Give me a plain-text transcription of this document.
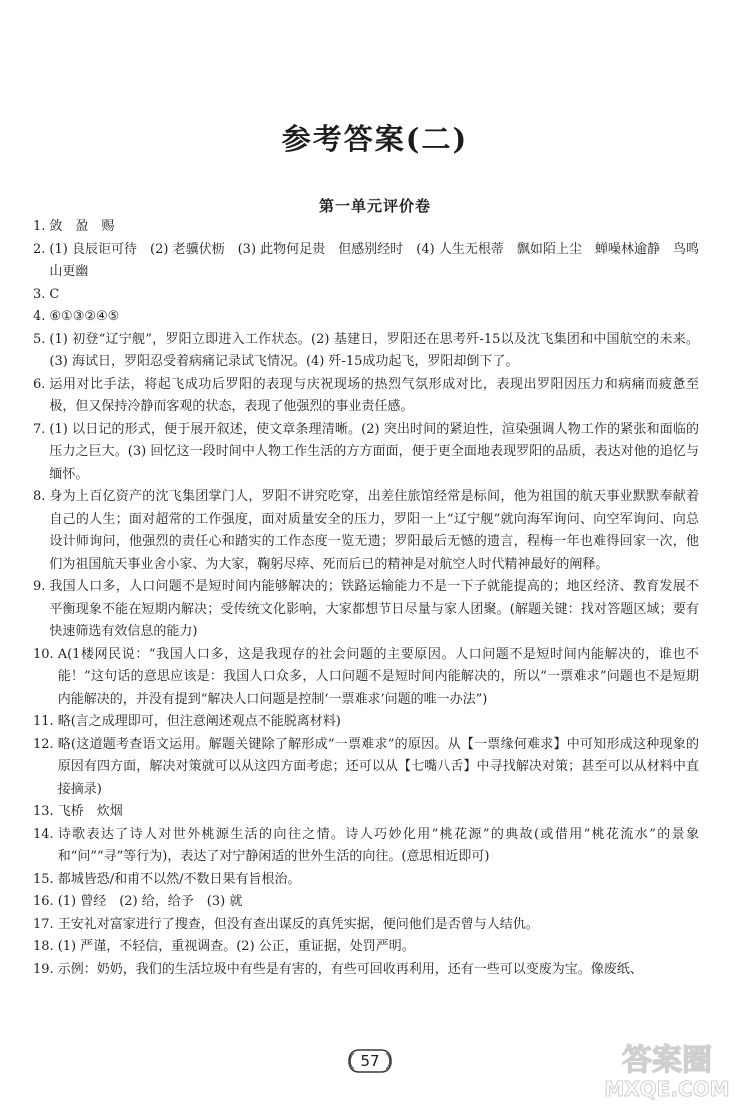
参考答案(二)
第一单元评价卷
1. 敛　盈　赐
2. (1) 良辰讵可待　(2) 老骥伏枥　(3) 此物何足贵　但感别经时　(4) 人生无根蒂　飘如陌上尘　蝉噪林逾静　鸟鸣山更幽
3. C
4. ⑥①③②④⑤
5. (1) 初登“辽宁舰”，罗阳立即进入工作状态。(2) 基建日，罗阳还在思考歼-15以及沈飞集团和中国航空的未来。(3) 海试日，罗阳忍受着病痛记录试飞情况。(4) 歼-15成功起飞，罗阳却倒下了。
6. 运用对比手法，将起飞成功后罗阳的表现与庆祝现场的热烈气氛形成对比，表现出罗阳因压力和病痛而疲惫至极，但又保持冷静而客观的状态，表现了他强烈的事业责任感。
7. (1) 以日记的形式，便于展开叙述，使文章条理清晰。(2) 突出时间的紧迫性，渲染强调人物工作的紧张和面临的压力之巨大。(3) 回忆这一段时间中人物工作生活的方方面面，便于更全面地表现罗阳的品质，表达对他的追忆与缅怀。
8. 身为上百亿资产的沈飞集团掌门人，罗阳不讲究吃穿，出差住旅馆经常是标间，他为祖国的航天事业默默奉献着自己的人生；面对超常的工作强度，面对质量安全的压力，罗阳一上“辽宁舰”就向海军询问、向空军询问、向总设计师询问，他强烈的责任心和踏实的工作态度一览无遗；罗阳最后无憾的遗言，程梅一年也难得回家一次，他们为祖国航天事业舍小家、为大家，鞠躬尽瘁、死而后已的精神是对航空人时代精神最好的阐释。
9. 我国人口多，人口问题不是短时间内能够解决的；铁路运输能力不是一下子就能提高的；地区经济、教育发展不平衡现象不能在短期内解决；受传统文化影响，大家都想节日尽量与家人团聚。(解题关键：找对答题区域；要有快速筛选有效信息的能力)
10. A(1楼网民说：“我国人口多，这是我现存的社会问题的主要原因。人口问题不是短时间内能解决的，谁也不能！”这句话的意思应该是：我国人口众多，人口问题不是短时间内能解决的，所以“一票难求”问题也不是短期内能解决的，并没有提到“解决人口问题是控制‘一票难求’问题的唯一办法”)
11. 略(言之成理即可，但注意阐述观点不能脱离材料)
12. 略(这道题考查语文运用。解题关键除了解形成“一票难求”的原因。从【一票缘何难求】中可知形成这种现象的原因有四方面，解决对策就可以从这四方面考虑；还可以从【七嘴八舌】中寻找解决对策；甚至可以从材料中直接摘录)
13. 飞桥　炊烟
14. 诗歌表达了诗人对世外桃源生活的向往之情。诗人巧妙化用“桃花源”的典故(或借用“桃花流水”的景象和“问”“寻”等行为)，表达了对宁静闲适的世外生活的向往。(意思相近即可)
15. 都城皆恐/和甫不以然/不数日果有旨根治。
16. (1) 曾经　(2) 给，给予　(3) 就
17. 王安礼对富家进行了搜查，但没有查出谋反的真凭实据，便问他们是否曾与人结仇。
18. (1) 严谨，不轻信，重视调查。(2) 公正，重证据，处罚严明。
19. 示例：奶奶，我们的生活垃圾中有些是有害的，有些可回收再利用，还有一些可以变废为宝。像废纸、
57	答案圈
MXQE.COM
